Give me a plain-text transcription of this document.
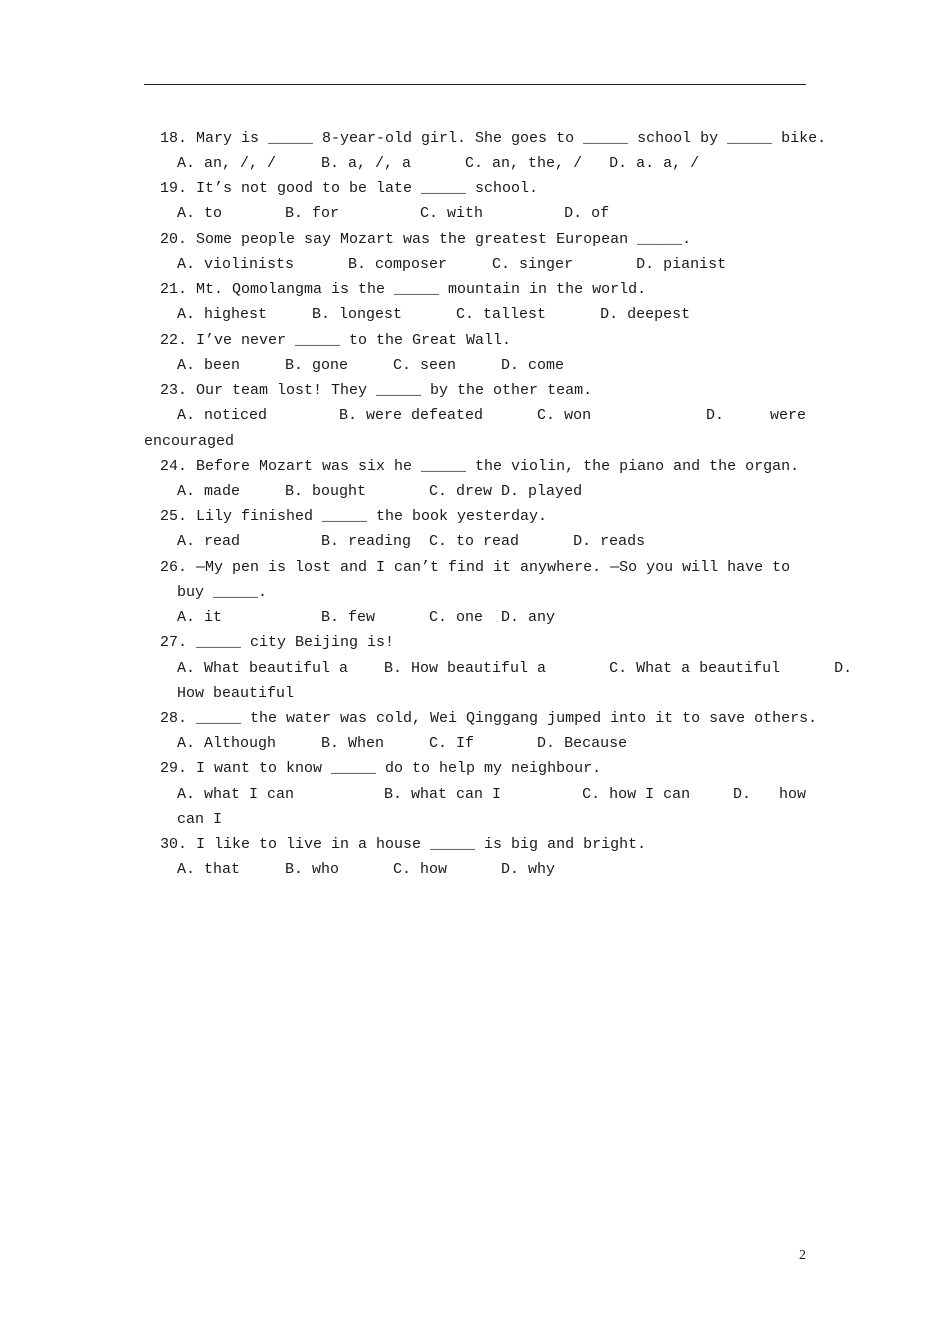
18. Mary is _____ 8-year-old girl. She goes to _____ school by _____ bike.
A. an, /, /     B. a, /, a      C. an, the, /   D. a. a, /
19. It’s not good to be late _____ school.
A. to       B. for         C. with         D. of
20. Some people say Mozart was the greatest European _____.
A. violinists      B. composer     C. singer       D. pianist
21. Mt. Qomolangma is the _____ mountain in the world.
A. highest     B. longest      C. tallest      D. deepest
22. I’ve never _____ to the Great Wall.
A. been     B. gone     C. seen     D. come
23. Our team lost! They _____ by the other team.
A. noticed        B. were defeated      C. won	D.	were
encouraged
24. Before Mozart was six he _____ the violin, the piano and the organ.
A. made     B. bought       C. drew D. played
25. Lily finished _____ the book yesterday.
A. read         B. reading  C. to read      D. reads
26. —My pen is lost and I can’t find it anywhere. —So you will have to
buy _____.
A. it           B. few      C. one  D. any
27. _____ city Beijing is!
A. What beautiful a    B. How beautiful a       C. What a beautiful      D.
How beautiful
28. _____ the water was cold, Wei Qinggang jumped into it to save others.
A. Although     B. When     C. If       D. Because
29. I want to know _____ do to help my neighbour.
A. what I can          B. what can I         C. how I can	D. how
can I
30. I like to live in a house _____ is big and bright.
A. that     B. who      C. how      D. why
2
